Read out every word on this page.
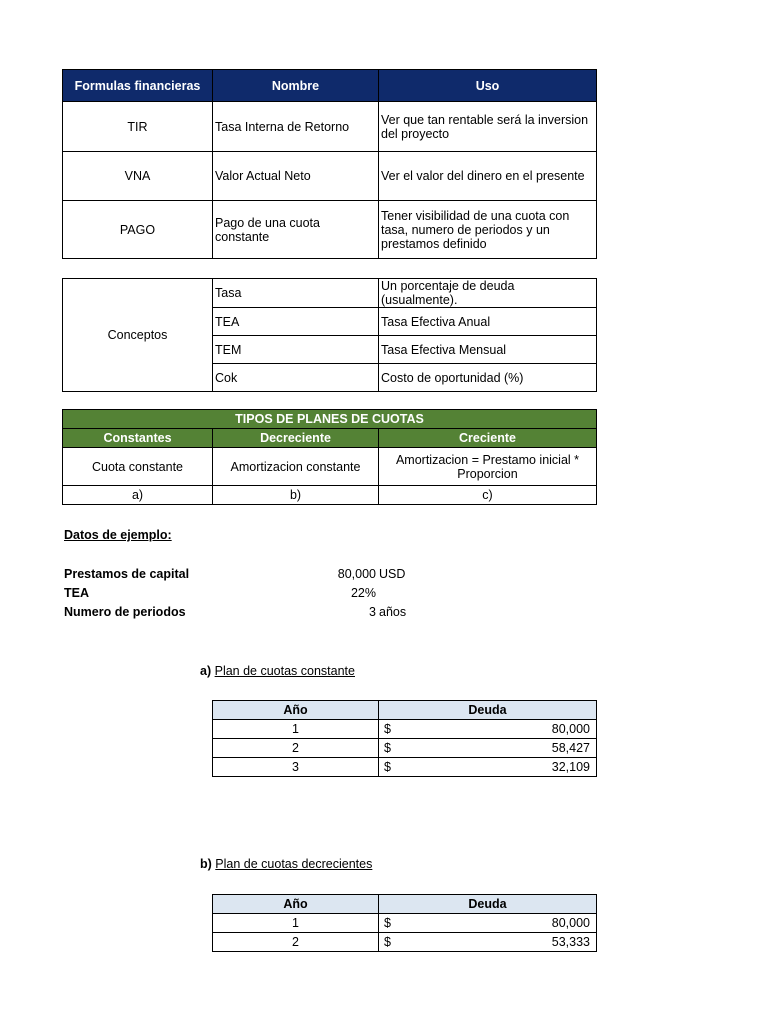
Formulas financieras	Nombre	Uso
TIR	Tasa Interna de Retorno	Ver que tan rentable será la inversion del proyecto
VNA	Valor Actual Neto	Ver el valor del dinero en el presente
PAGO	Pago de una cuota constante	Tener visibilidad de una cuota con tasa, numero de periodos y un prestamos definido
Conceptos	Tasa	Un porcentaje de deuda (usualmente).
	TEA	Tasa Efectiva Anual
	TEM	Tasa Efectiva Mensual
	Cok	Costo de oportunidad (%)
TIPOS DE PLANES DE CUOTAS		
Constantes	Decreciente	Creciente
Cuota constante	Amortizacion constante	Amortizacion = Prestamo inicial * Proporcion
a)	b)	c)
Datos de ejemplo:
Prestamos de capital	80,000 USD
TEA	22%
Numero de periodos	3 años
a) Plan de cuotas constante
Año	Deuda
1	$ 80,000

2	$ 58,427

3	$ 32,109
b) Plan de cuotas decrecientes
Año	Deuda
1	$ 80,000

2	$ 53,333
